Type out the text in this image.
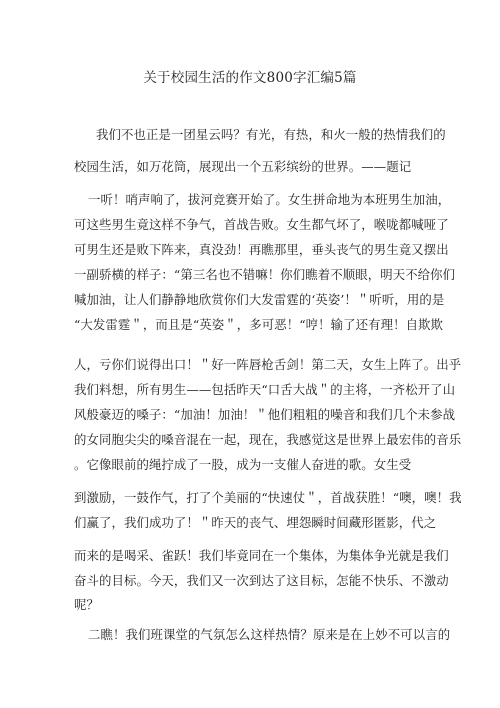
关于校园生活的作文800字汇编5篇
我们不也正是一团星云吗？有光，有热，和火一般的热情我们的
校园生活，如万花筒，展现出一个五彩缤纷的世界。——题记
一听！哨声响了，拔河竞赛开始了。女生拼命地为本班男生加油，
可这些男生竟这样不争气，首战告败。女生都气坏了，喉咙都喊哑了
可男生还是败下阵来，真没劲！再瞧那里，垂头丧气的男生竟又摆出
一副骄横的样子：“第三名也不错嘛！你们瞧着不顺眼，明天不给你们
喊加油，让人们静静地欣赏你们大发雷霆的‘英姿’！＂听听，用的是
“大发雷霆＂，而且是“英姿＂，多可恶！“哼！输了还有理！自欺欺
人，亏你们说得出口！＂好一阵唇枪舌剑！第二天，女生上阵了。出乎
我们料想，所有男生——包括昨天“口舌大战＂的主将，一齐松开了山
风般豪迈的嗓子：“加油！加油！＂他们粗粗的噪音和我们几个未参战
的女同胞尖尖的嗓音混在一起，现在，我感觉这是世界上最宏伟的音乐
。它像眼前的绳拧成了一股，成为一支催人奋进的歌。女生受
到激励，一鼓作气，打了个美丽的“快速仗＂，首战获胜！“噢，噢！我
们赢了，我们成功了！＂昨天的丧气、埋怨瞬时间藏形匿影，代之
而来的是喝采、雀跃！我们毕竟同在一个集体，为集体争光就是我们
奋斗的目标。今天，我们又一次到达了这目标，怎能不快乐、不激动
呢？
二瞧！我们班课堂的气氛怎么这样热情？原来是在上妙不可以言的
